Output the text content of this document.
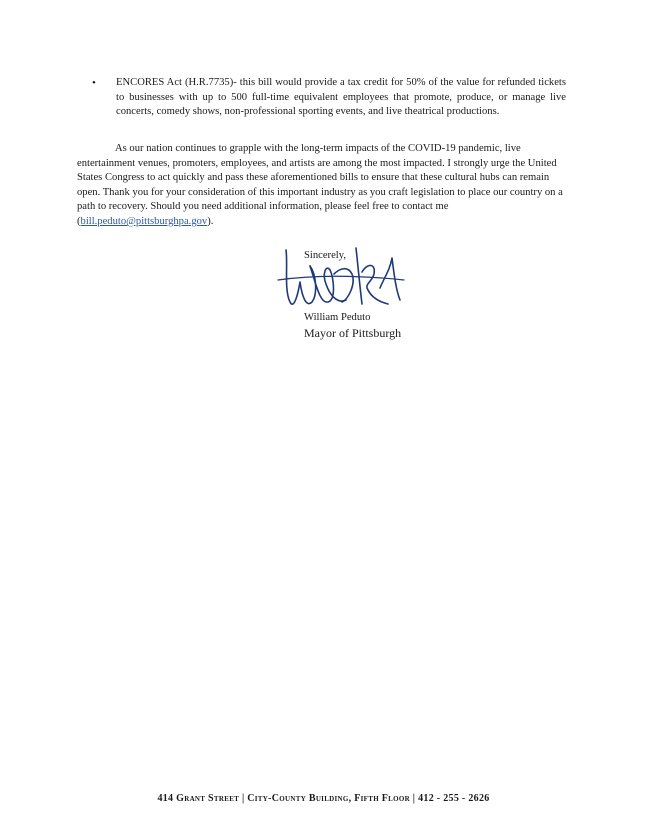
• ENCORES Act (H.R.7735)- this bill would provide a tax credit for 50% of the value for refunded tickets to businesses with up to 500 full-time equivalent employees that promote, produce, or manage live concerts, comedy shows, non-professional sporting events, and live theatrical productions.
As our nation continues to grapple with the long-term impacts of the COVID-19 pandemic, live entertainment venues, promoters, employees, and artists are among the most impacted. I strongly urge the United States Congress to act quickly and pass these aforementioned bills to ensure that these cultural hubs can remain open. Thank you for your consideration of this important industry as you craft legislation to place our country on a path to recovery. Should you need additional information, please feel free to contact me (bill.peduto@pittsburghpa.gov).
Sincerely,
William Peduto
Mayor of Pittsburgh
414 Grant Street | City-County Building, Fifth Floor | 412 - 255 - 2626
